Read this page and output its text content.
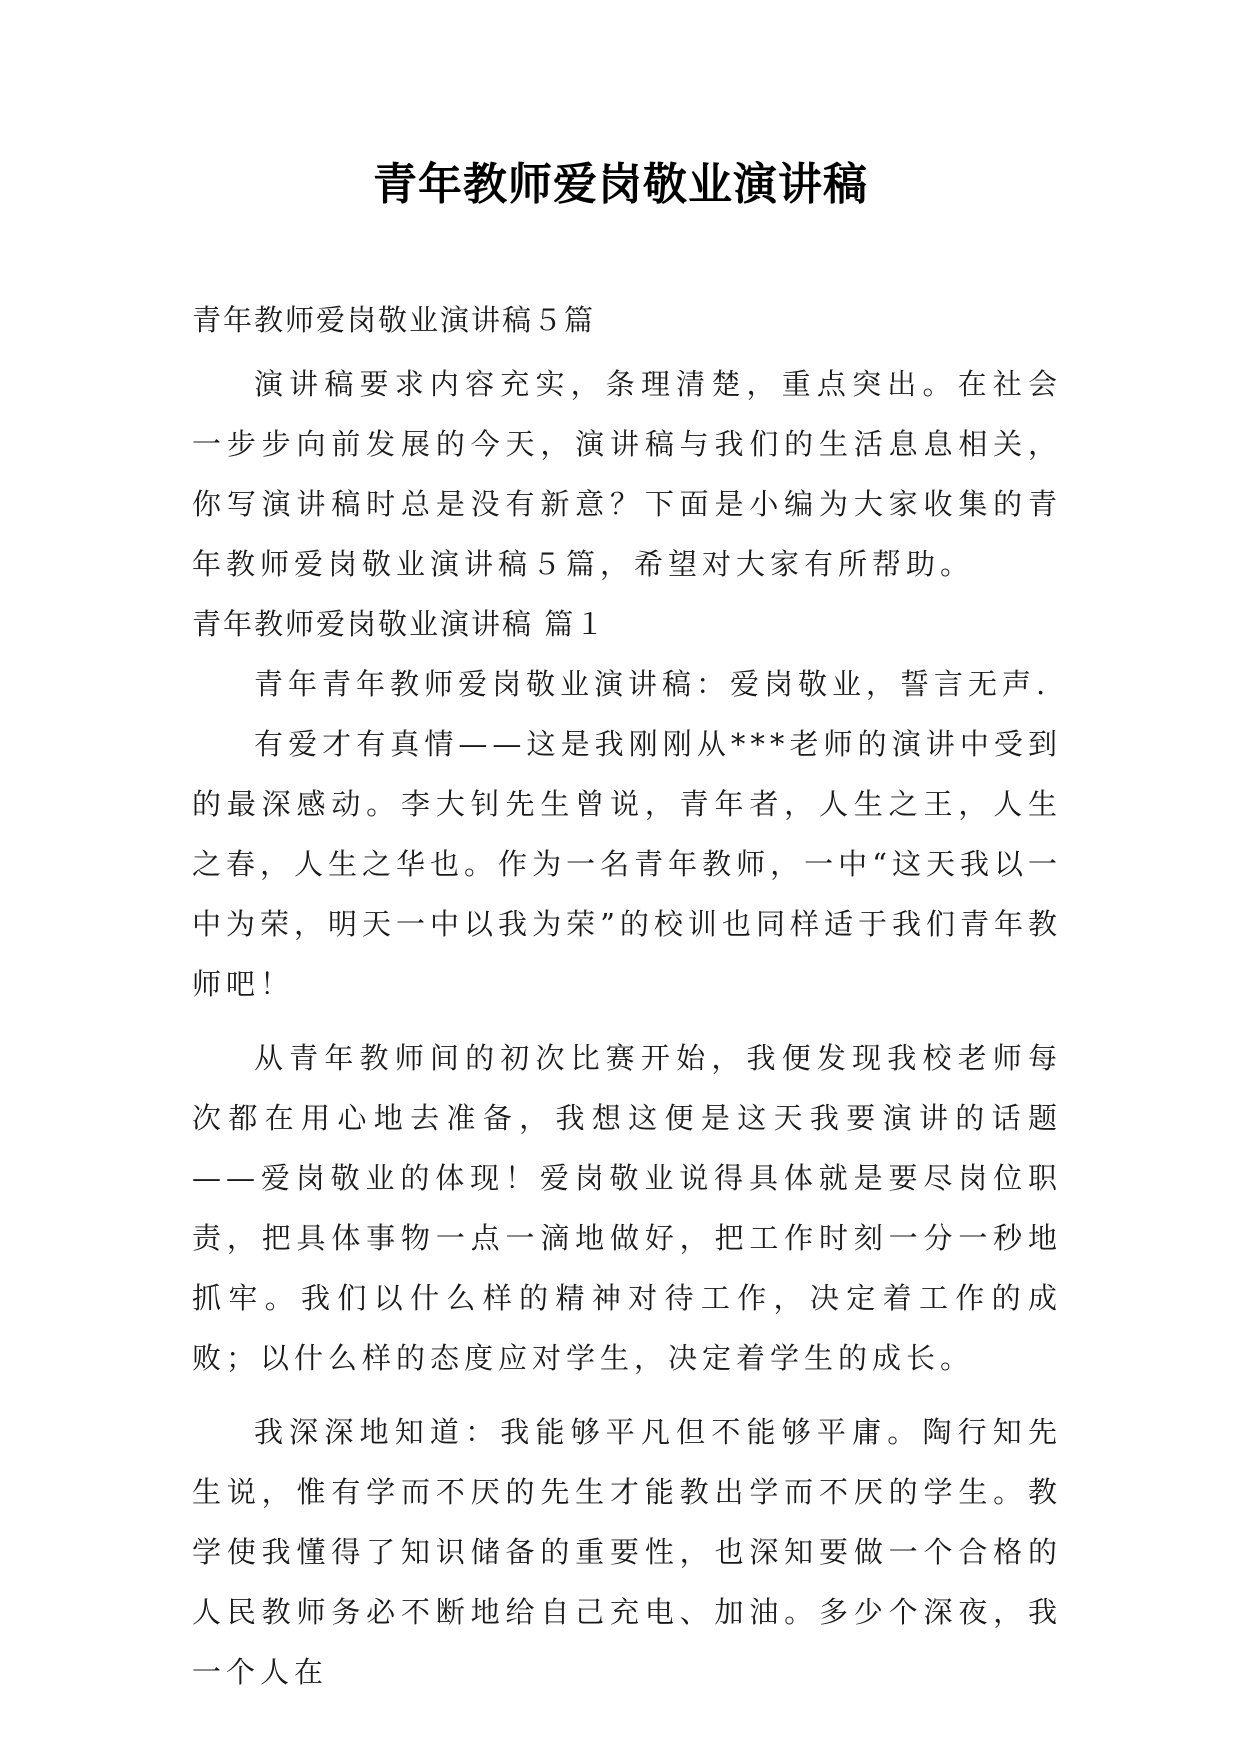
青年教师爱岗敬业演讲稿

青年教师爱岗敬业演讲稿５篇

演讲稿要求内容充实，条理清楚，重点突出。在社会一步步向前发展的今天，演讲稿与我们的生活息息相关，你写演讲稿时总是没有新意？下面是小编为大家收集的青年教师爱岗敬业演讲稿５篇，希望对大家有所帮助。

青年教师爱岗敬业演讲稿 篇１

青年青年教师爱岗敬业演讲稿：爱岗敬业，誓言无声.

有爱才有真情——这是我刚刚从***老师的演讲中受到的最深感动。李大钊先生曾说，青年者，人生之王，人生之春，人生之华也。作为一名青年教师，一中“这天我以一中为荣，明天一中以我为荣”的校训也同样适于我们青年教师吧！

从青年教师间的初次比赛开始，我便发现我校老师每次都在用心地去准备，我想这便是这天我要演讲的话题——爱岗敬业的体现！爱岗敬业说得具体就是要尽岗位职责，把具体事物一点一滴地做好，把工作时刻一分一秒地抓牢。我们以什么样的精神对待工作，决定着工作的成败；以什么样的态度应对学生，决定着学生的成长。

我深深地知道：我能够平凡但不能够平庸。陶行知先生说，惟有学而不厌的先生才能教出学而不厌的学生。教学使我懂得了知识储备的重要性，也深知要做一个合格的人民教师务必不断地给自己充电、加油。多少个深夜，我一个人在
